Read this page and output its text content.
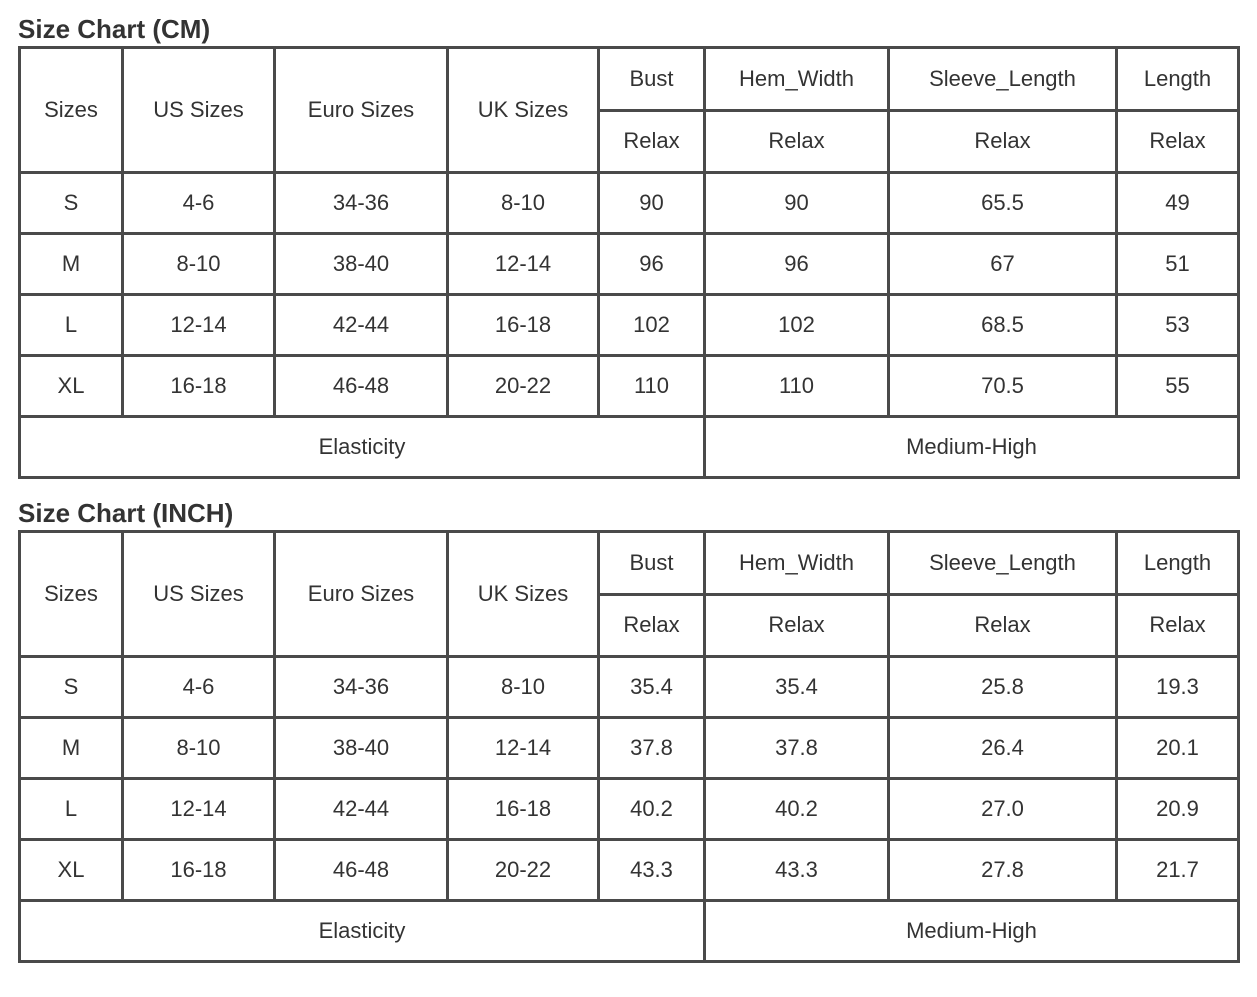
Size Chart (CM)
Sizes	US Sizes	Euro Sizes	UK Sizes	Bust	Hem_Width	Sleeve_Length	Length
				Relax	Relax	Relax	Relax
S	4-6	34-36	8-10	90	90	65.5	49
M	8-10	38-40	12-14	96	96	67	51
L	12-14	42-44	16-18	102	102	68.5	53
XL	16-18	46-48	20-22	110	110	70.5	55
Elasticity					Medium-High		
Size Chart (INCH)
Sizes	US Sizes	Euro Sizes	UK Sizes	Bust	Hem_Width	Sleeve_Length	Length
				Relax	Relax	Relax	Relax
S	4-6	34-36	8-10	35.4	35.4	25.8	19.3
M	8-10	38-40	12-14	37.8	37.8	26.4	20.1
L	12-14	42-44	16-18	40.2	40.2	27.0	20.9
XL	16-18	46-48	20-22	43.3	43.3	27.8	21.7
Elasticity					Medium-High		
